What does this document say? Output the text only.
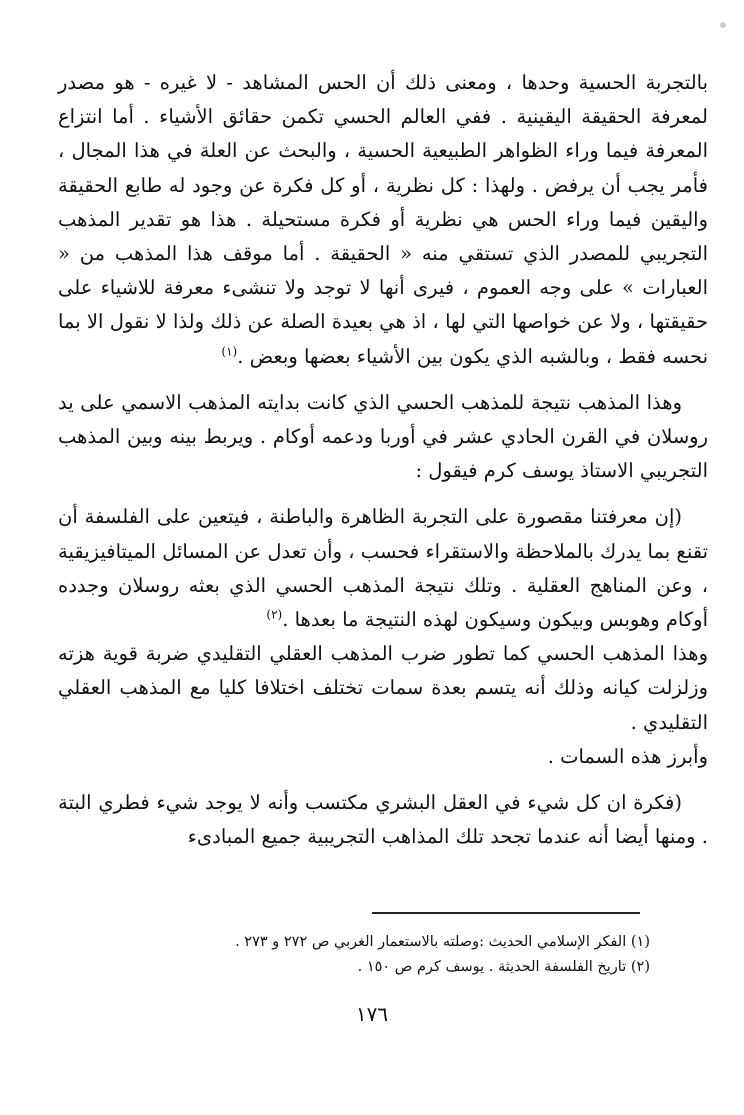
بالتجربة الحسية وحدها ، ومعنى ذلك أن الحس المشاهد - لا غيره - هو مصدر لمعرفة الحقيقة اليقينية . ففي العالم الحسي تكمن حقائق الأشياء . أما انتزاع المعرفة فيما وراء الظواهر الطبيعية الحسية ، والبحث عن العلة في هذا المجال ، فأمر يجب أن يرفض . ولهذا : كل نظرية ، أو كل فكرة عن وجود له طابع الحقيقة واليقين فيما وراء الحس هي نظرية أو فكرة مستحيلة . هذا هو تقدير المذهب التجريبي للمصدر الذي تستقي منه « الحقيقة . أما موقف هذا المذهب من « العبارات » على وجه العموم ، فيرى أنها لا توجد ولا تنشىء معرفة للاشياء على حقيقتها ، ولا عن خواصها التي لها ، اذ هي بعيدة الصلة عن ذلك ولذا لا نقول الا بما نحسه فقط ، وبالشبه الذي يكون بين الأشياء بعضها وبعض .$^{(١)}$

وهذا المذهب نتيجة للمذهب الحسي الذي كانت بدايته المذهب الاسمي على يد روسلان في القرن الحادي عشر في أوربا ودعمه أوكام . ويربط بينه وبين المذهب التجريبي الاستاذ يوسف كرم فيقول :

(إن معرفتنا مقصورة على التجربة الظاهرة والباطنة ، فيتعين على الفلسفة أن تقنع بما يدرك بالملاحظة والاستقراء فحسب ، وأن تعدل عن المسائل الميتافيزيقية ، وعن المناهج العقلية . وتلك نتيجة المذهب الحسي الذي بعثه روسلان وجدده أوكام وهوبس وبيكون وسيكون لهذه النتيجة ما بعدها .$^{(٢)}$

وهذا المذهب الحسي كما تطور ضرب المذهب العقلي التقليدي ضربة قوية هزته وزلزلت كيانه وذلك أنه يتسم بعدة سمات تختلف اختلافا كليا مع المذهب العقلي التقليدي .

وأبرز هذه السمات .

(فكرة ان كل شيء في العقل البشري مكتسب وأنه لا يوجد شيء فطري البتة . ومنها أيضا أنه عندما تجحد تلك المذاهب التجريبية جميع المبادىء

(١) الفكر الإسلامي الحديث :وصلته بالاستعمار الغربي ص ٢٧٢ و ٢٧٣ .
(٢) تاريخ الفلسفة الحديثة . يوسف كرم ص ١٥٠ .
١٧٦
